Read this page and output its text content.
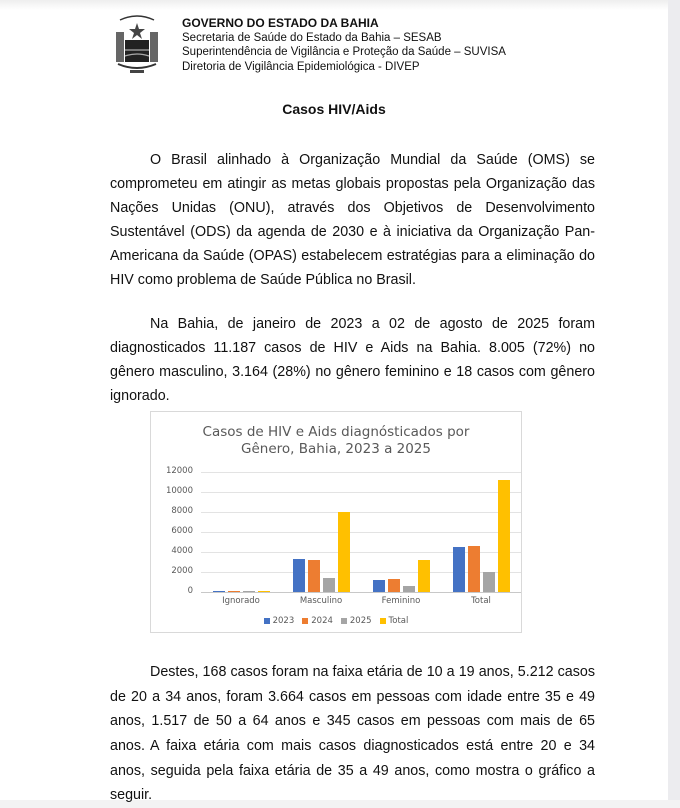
GOVERNO DO ESTADO DA BAHIA
Secretaria de Saúde do Estado da Bahia – SESAB
Superintendência de Vigilância e Proteção da Saúde – SUVISA
Diretoria de Vigilância Epidemiológica - DIVEP
Casos HIV/Aids

O Brasil alinhado à Organização Mundial da Saúde (OMS) se comprometeu em atingir as metas globais propostas pela Organização das Nações Unidas (ONU), através dos Objetivos de Desenvolvimento Sustentável (ODS) da agenda de 2030 e à iniciativa da Organização Pan-Americana da Saúde (OPAS) estabelecem estratégias para a eliminação do HIV como problema de Saúde Pública no Brasil.

Na Bahia, de janeiro de 2023 a 02 de agosto de 2025 foram diagnosticados 11.187 casos de HIV e Aids na Bahia. 8.005 (72%) no gênero masculino, 3.164 (28%) no gênero feminino e 18 casos com gênero ignorado.

Casos de HIV e Aids diagnósticados por
Gênero, Bahia, 2023 a 2025
0
2000
4000
6000
8000
10000
12000
Ignorado	Masculino	Feminino	Total
2023 2024 2025 Total

Destes, 168 casos foram na faixa etária de 10 a 19 anos, 5.212 casos de 20 a 34 anos, foram 3.664 casos em pessoas com idade entre 35 e 49 anos, 1.517 de 50 a 64 anos e 345 casos em pessoas com mais de 65 anos. A faixa etária com mais casos diagnosticados está entre 20 e 34 anos, seguida pela faixa etária de 35 a 49 anos, como mostra o gráfico a seguir.
